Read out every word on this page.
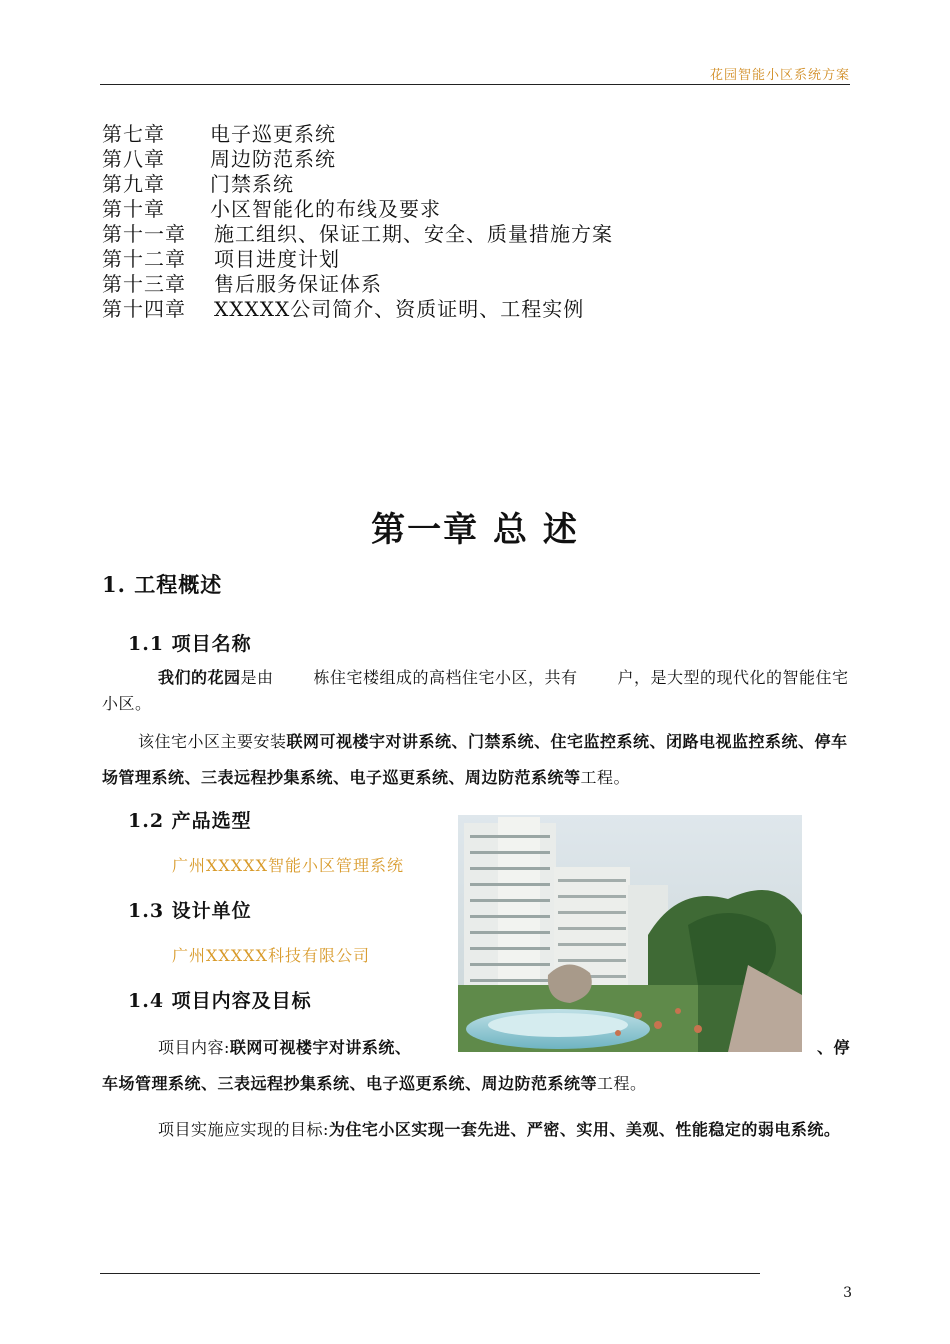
花园智能小区系统方案
第七章	电子巡更系统
第八章	周边防范系统
第九章	门禁系统
第十章	小区智能化的布线及要求
第十一章	施工组织、保证工期、安全、质量措施方案
第十二章	项目进度计划
第十三章	售后服务保证体系
第十四章	XXXXX公司简介、资质证明、工程实例
第一章 总 述
1. 工程概述
1.1 项目名称
我们的花园是由	栋住宅楼组成的高档住宅小区，共有	户，是大型的现代化的智能住宅小区。
该住宅小区主要安装联网可视楼宇对讲系统、门禁系统、住宅监控系统、闭路电视监控系统、停车场管理系统、三表远程抄集系统、电子巡更系统、周边防范系统等工程。
1.2 产品选型
广州XXXXX智能小区管理系统
1.3 设计单位
广州XXXXX科技有限公司
1.4 项目内容及目标
项目内容:联网可视楼宇对讲系统、	、停
车场管理系统、三表远程抄集系统、电子巡更系统、周边防范系统等工程。
项目实施应实现的目标:为住宅小区实现一套先进、严密、实用、美观、性能稳定的弱电系统。
3
